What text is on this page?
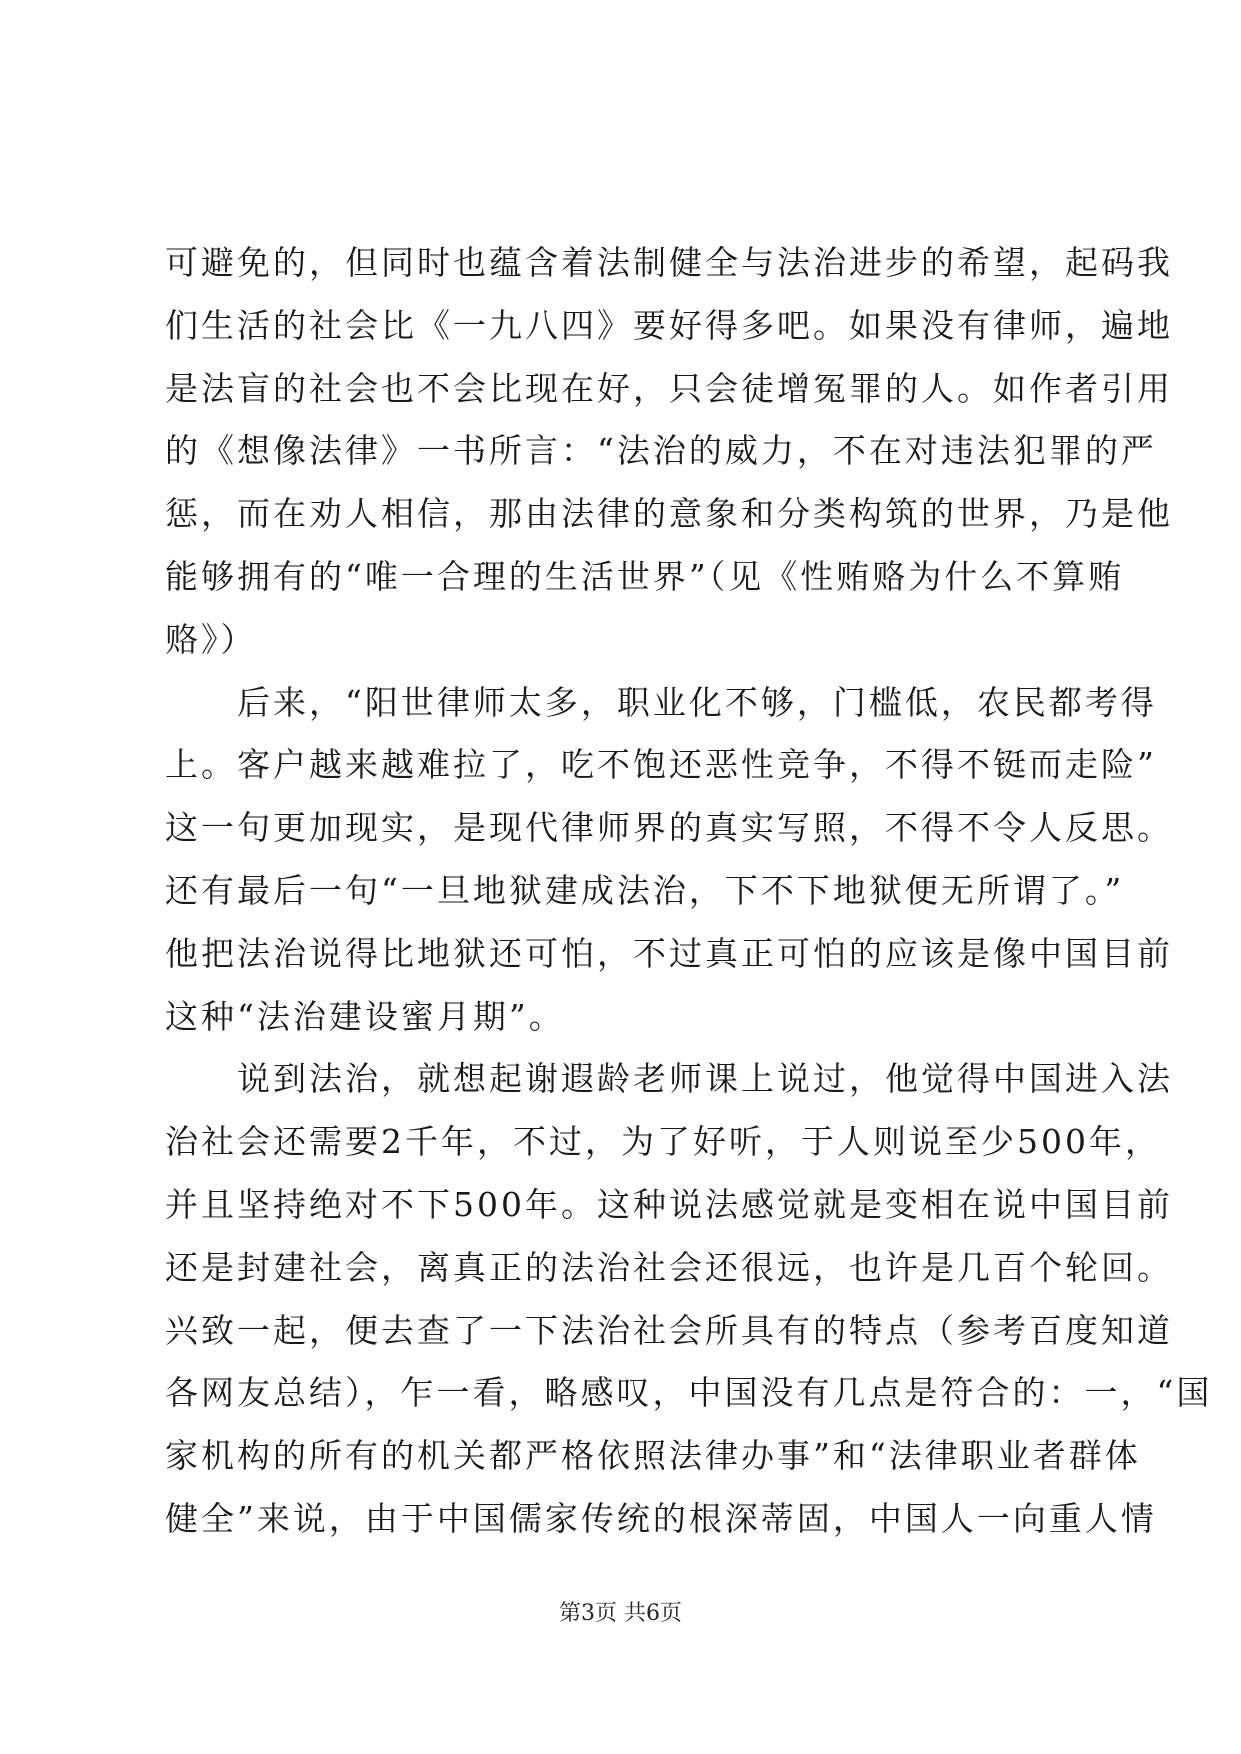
可避免的，但同时也蕴含着法制健全与法治进步的希望，起码我
们生活的社会比《一九八四》要好得多吧。如果没有律师，遍地
是法盲的社会也不会比现在好，只会徒增冤罪的人。如作者引用
的《想像法律》一书所言：“法治的威力，不在对违法犯罪的严
惩，而在劝人相信，那由法律的意象和分类构筑的世界，乃是他
能够拥有的“唯一合理的生活世界”（见《性贿赂为什么不算贿
赂》）
　　后来，“阳世律师太多，职业化不够，门槛低，农民都考得
上。客户越来越难拉了，吃不饱还恶性竞争，不得不铤而走险”
这一句更加现实，是现代律师界的真实写照，不得不令人反思。
还有最后一句“一旦地狱建成法治，下不下地狱便无所谓了。”
他把法治说得比地狱还可怕，不过真正可怕的应该是像中国目前
这种“法治建设蜜月期”。
　　说到法治，就想起谢遐龄老师课上说过，他觉得中国进入法
治社会还需要2千年，不过，为了好听，于人则说至少500年，
并且坚持绝对不下500年。这种说法感觉就是变相在说中国目前
还是封建社会，离真正的法治社会还很远，也许是几百个轮回。
兴致一起，便去查了一下法治社会所具有的特点（参考百度知道
各网友总结），乍一看，略感叹，中国没有几点是符合的：一，“国
家机构的所有的机关都严格依照法律办事”和“法律职业者群体
健全”来说，由于中国儒家传统的根深蒂固，中国人一向重人情
第3页 共6页
